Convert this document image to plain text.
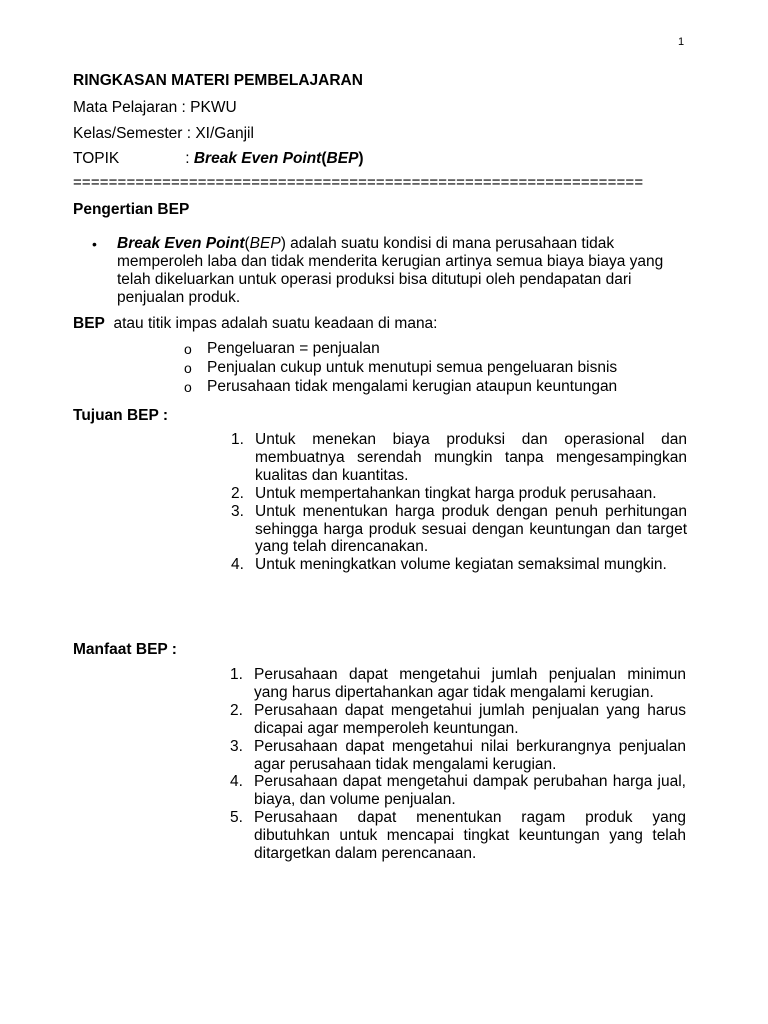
1
RINGKASAN MATERI PEMBELAJARAN
Mata Pelajaran : PKWU
Kelas/Semester : XI/Ganjil
TOPIK	: Break Even Point(BEP)
================================================================
Pengertian BEP
• Break Even Point(BEP) adalah suatu kondisi di mana perusahaan tidak memperoleh laba dan tidak menderita kerugian artinya semua biaya biaya yang telah dikeluarkan untuk operasi produksi bisa ditutupi oleh pendapatan dari penjualan produk.
BEP atau titik impas adalah suatu keadaan di mana:
o Pengeluaran = penjualan
o Penjualan cukup untuk menutupi semua pengeluaran bisnis
o Perusahaan tidak mengalami kerugian ataupun keuntungan
Tujuan BEP :
1. Untuk menekan biaya produksi dan operasional dan membuatnya serendah mungkin tanpa mengesampingkan kualitas dan kuantitas.
2. Untuk mempertahankan tingkat harga produk perusahaan.
3. Untuk menentukan harga produk dengan penuh perhitungan sehingga harga produk sesuai dengan keuntungan dan target yang telah direncanakan.
4. Untuk meningkatkan volume kegiatan semaksimal mungkin.
Manfaat BEP :
1. Perusahaan dapat mengetahui jumlah penjualan minimun yang harus dipertahankan agar tidak mengalami kerugian.
2. Perusahaan dapat mengetahui jumlah penjualan yang harus dicapai agar memperoleh keuntungan.
3. Perusahaan dapat mengetahui nilai berkurangnya penjualan agar perusahaan tidak mengalami kerugian.
4. Perusahaan dapat mengetahui dampak perubahan harga jual, biaya, dan volume penjualan.
5. Perusahaan dapat menentukan ragam produk yang dibutuhkan untuk mencapai tingkat keuntungan yang telah ditargetkan dalam perencanaan.
